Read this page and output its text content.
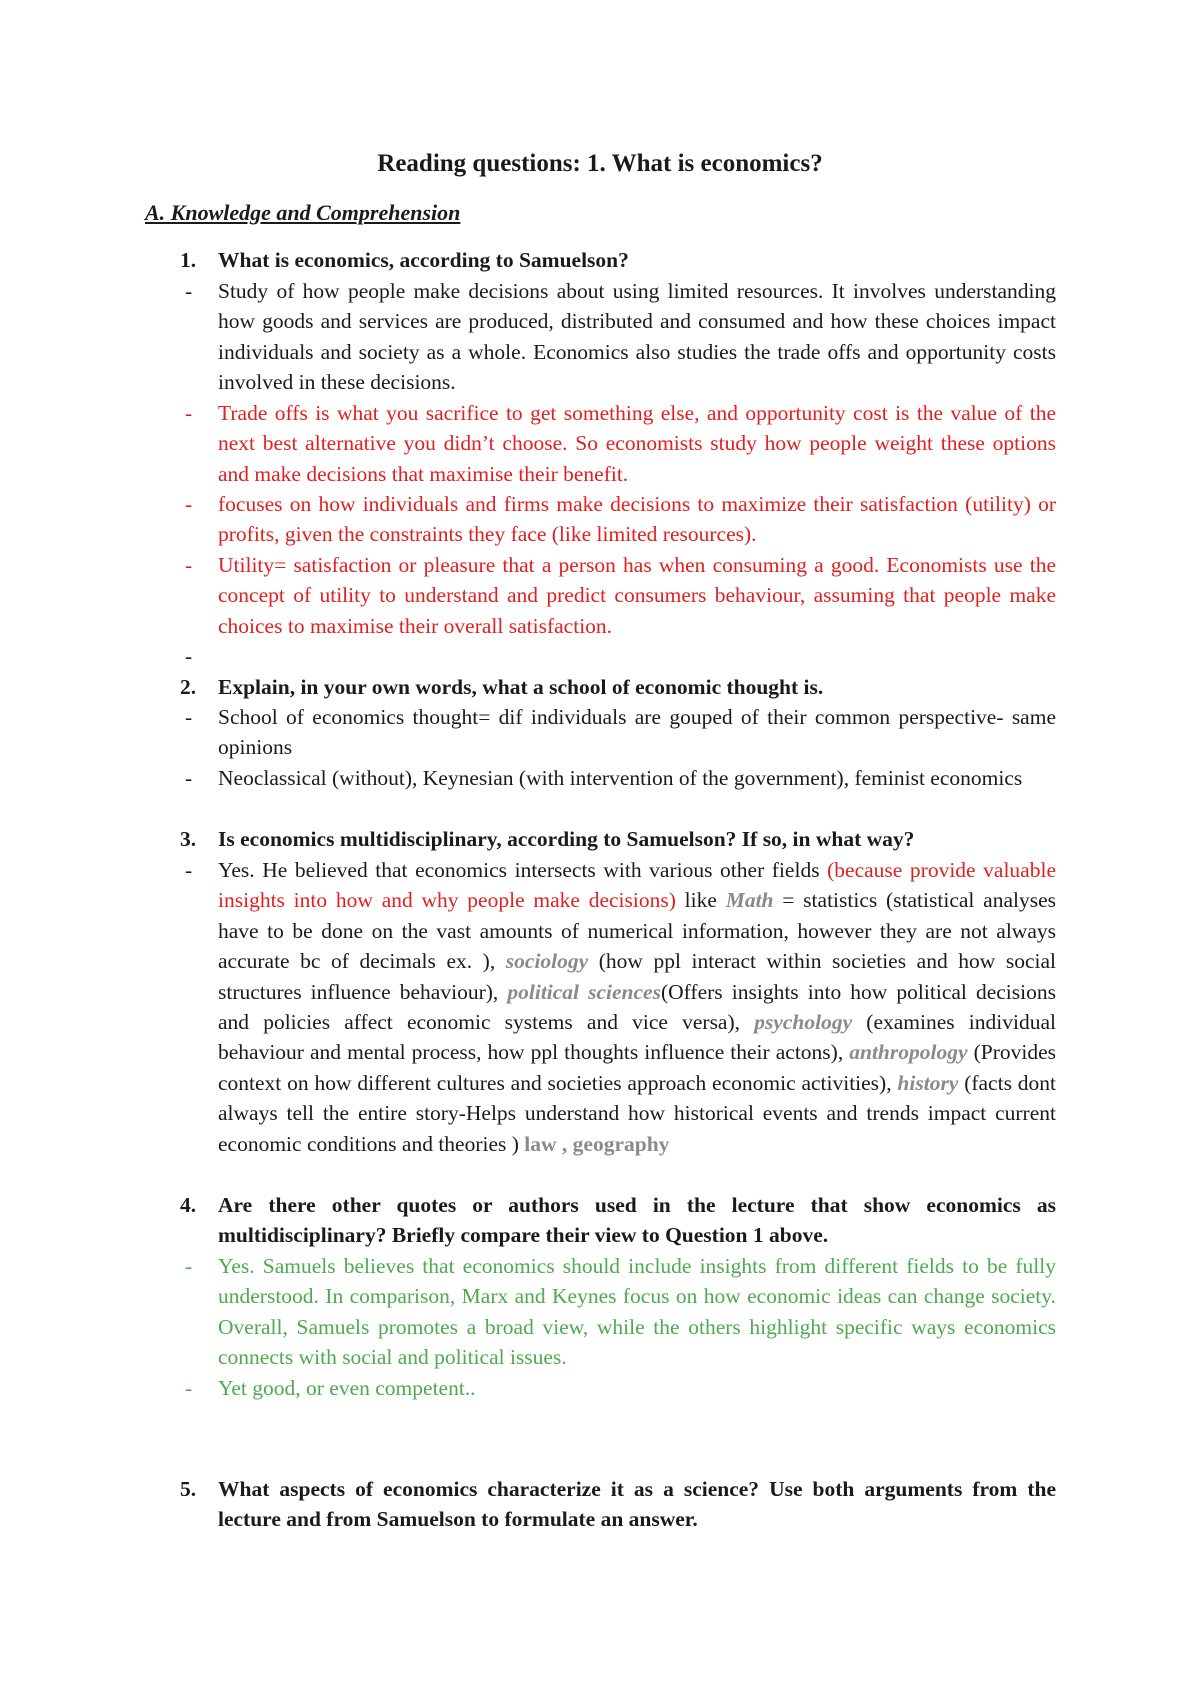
Reading questions: 1. What is economics?
A. Knowledge and Comprehension
1.	What is economics, according to Samuelson?
-	Study of how people make decisions about using limited resources. It involves understanding how goods and services are produced, distributed and consumed and how these choices impact individuals and society as a whole. Economics also studies the trade offs and opportunity costs involved in these decisions.
-	Trade offs is what you sacrifice to get something else, and opportunity cost is the value of the next best alternative you didn’t choose. So economists study how people weight these options and make decisions that maximise their benefit.
-	focuses on how individuals and firms make decisions to maximize their satisfaction (utility) or profits, given the constraints they face (like limited resources).
-	Utility= satisfaction or pleasure that a person has when consuming a good. Economists use the concept of utility to understand and predict consumers behaviour, assuming that people make choices to maximise their overall satisfaction.
-
2.	Explain, in your own words, what a school of economic thought is.
-	School of economics thought= dif individuals are gouped of their common perspective- same opinions
-	Neoclassical (without), Keynesian (with intervention of the government), feminist economics
3.	Is economics multidisciplinary, according to Samuelson? If so, in what way?
-	Yes. He believed that economics intersects with various other fields (because provide valuable insights into how and why people make decisions) like Math = statistics (statistical analyses have to be done on the vast amounts of numerical information, however they are not always accurate bc of decimals ex. ), sociology (how ppl interact within societies and how social structures influence behaviour), political sciences(Offers insights into how political decisions and policies affect economic systems and vice versa), psychology (examines individual behaviour and mental process, how ppl thoughts influence their actons), anthropology (Provides context on how different cultures and societies approach economic activities), history (facts dont always tell the entire story-Helps understand how historical events and trends impact current economic conditions and theories ) law , geography
4.	Are there other quotes or authors used in the lecture that show economics as multidisciplinary? Briefly compare their view to Question 1 above.
-	Yes. Samuels believes that economics should include insights from different fields to be fully understood. In comparison, Marx and Keynes focus on how economic ideas can change society. Overall, Samuels promotes a broad view, while the others highlight specific ways economics connects with social and political issues.
-	Yet good, or even competent..
5.	What aspects of economics characterize it as a science? Use both arguments from the lecture and from Samuelson to formulate an answer.
